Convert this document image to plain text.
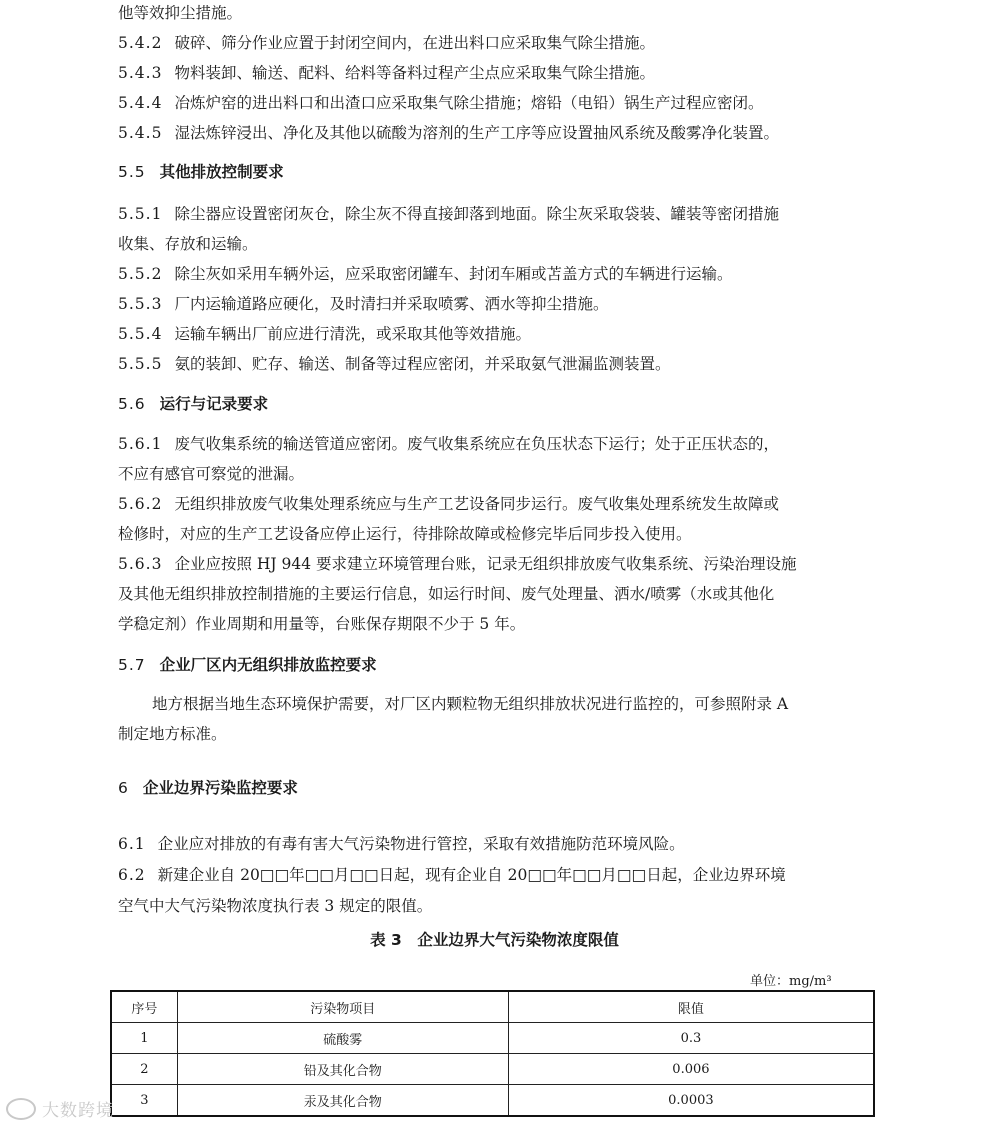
他等效抑尘措施。
5.4.2 破碎、筛分作业应置于封闭空间内，在进出料口应采取集气除尘措施。
5.4.3 物料装卸、输送、配料、给料等备料过程产尘点应采取集气除尘措施。
5.4.4 冶炼炉窑的进出料口和出渣口应采取集气除尘措施；熔铅（电铅）锅生产过程应密闭。
5.4.5 湿法炼锌浸出、净化及其他以硫酸为溶剂的生产工序等应设置抽风系统及酸雾净化装置。
5.5 其他排放控制要求
5.5.1 除尘器应设置密闭灰仓，除尘灰不得直接卸落到地面。除尘灰采取袋装、罐装等密闭措施
收集、存放和运输。
5.5.2 除尘灰如采用车辆外运，应采取密闭罐车、封闭车厢或苫盖方式的车辆进行运输。
5.5.3 厂内运输道路应硬化，及时清扫并采取喷雾、洒水等抑尘措施。
5.5.4 运输车辆出厂前应进行清洗，或采取其他等效措施。
5.5.5 氨的装卸、贮存、输送、制备等过程应密闭，并采取氨气泄漏监测装置。
5.6 运行与记录要求
5.6.1 废气收集系统的输送管道应密闭。废气收集系统应在负压状态下运行；处于正压状态的，
不应有感官可察觉的泄漏。
5.6.2 无组织排放废气收集处理系统应与生产工艺设备同步运行。废气收集处理系统发生故障或
检修时，对应的生产工艺设备应停止运行，待排除故障或检修完毕后同步投入使用。
5.6.3 企业应按照 HJ 944 要求建立环境管理台账，记录无组织排放废气收集系统、污染治理设施
及其他无组织排放控制措施的主要运行信息，如运行时间、废气处理量、洒水/喷雾（水或其他化
学稳定剂）作业周期和用量等，台账保存期限不少于 5 年。
5.7 企业厂区内无组织排放监控要求
地方根据当地生态环境保护需要，对厂区内颗粒物无组织排放状况进行监控的，可参照附录 A
制定地方标准。
6 企业边界污染监控要求
6.1 企业应对排放的有毒有害大气污染物进行管控，采取有效措施防范环境风险。
6.2 新建企业自 20□□年□□月□□日起，现有企业自 20□□年□□月□□日起，企业边界环境
空气中大气污染物浓度执行表 3 规定的限值。
表 3　企业边界大气污染物浓度限值
单位：mg/m³
序号	污染物项目	限值
1	硫酸雾	0.3
2	铅及其化合物	0.006
3	汞及其化合物	0.0003
大数跨境
